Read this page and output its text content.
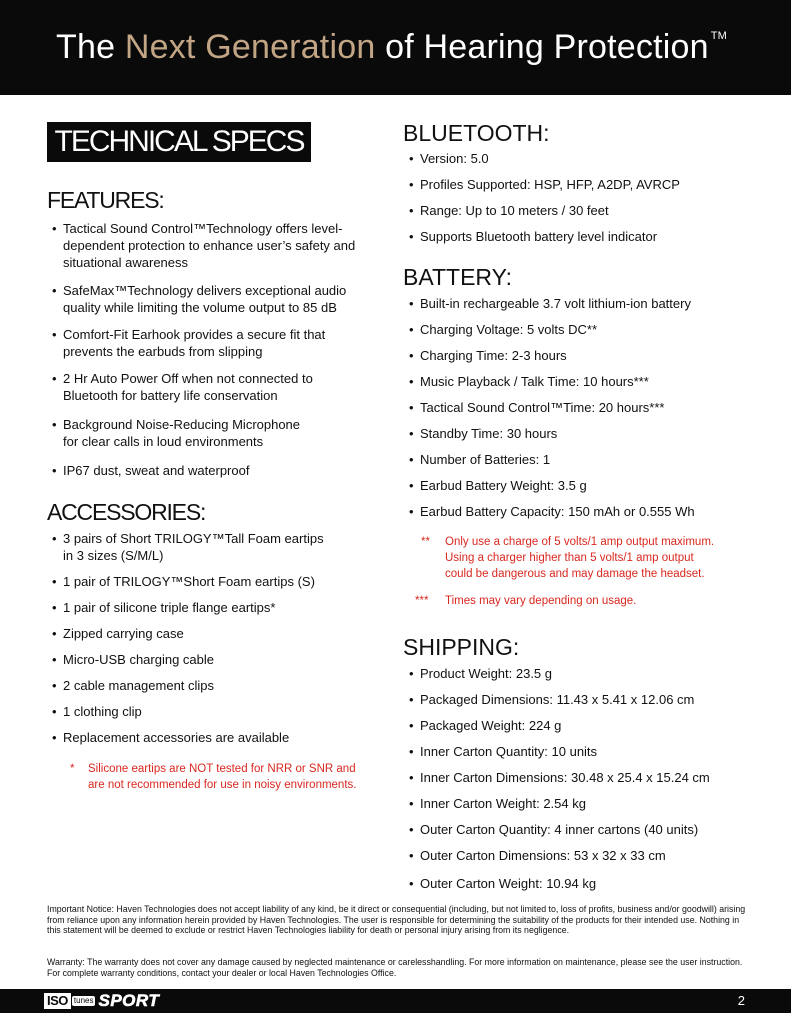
The Next Generation of Hearing Protection ™
TECHNICAL SPECS
FEATURES:
• Tactical Sound Control™Technology offers level-
dependent protection to enhance user’s safety and
situational awareness
• SafeMax™Technology delivers exceptional audio
quality while limiting the volume output to 85 dB
• Comfort-Fit Earhook provides a secure fit that
prevents the earbuds from slipping
• 2 Hr Auto Power Off when not connected to
Bluetooth for battery life conservation
• Background Noise-Reducing Microphone
for clear calls in loud environments
• IP67 dust, sweat and waterproof
ACCESSORIES:
• 3 pairs of Short TRILOGY™Tall Foam eartips
in 3 sizes (S/M/L)
• 1 pair of TRILOGY™Short Foam eartips (S)
• 1 pair of silicone triple flange eartips*
• Zipped carrying case
• Micro-USB charging cable
• 2 cable management clips
• 1 clothing clip
• Replacement accessories are available
* Silicone eartips are NOT tested for NRR or SNR and
are not recommended for use in noisy environments.
BLUETOOTH:
• Version: 5.0
• Profiles Supported: HSP, HFP, A2DP, AVRCP
• Range: Up to 10 meters / 30 feet
• Supports Bluetooth battery level indicator
BATTERY:
• Built-in rechargeable 3.7 volt lithium-ion battery
• Charging Voltage: 5 volts DC**
• Charging Time: 2-3 hours
• Music Playback / Talk Time: 10 hours***
• Tactical Sound Control™Time: 20 hours***
• Standby Time: 30 hours
• Number of Batteries: 1
• Earbud Battery Weight: 3.5 g
• Earbud Battery Capacity: 150 mAh or 0.555 Wh
** Only use a charge of 5 volts/1 amp output maximum.
Using a charger higher than 5 volts/1 amp output
could be dangerous and may damage the headset.
*** Times may vary depending on usage.
SHIPPING:
• Product Weight: 23.5 g
• Packaged Dimensions: 11.43 x 5.41 x 12.06 cm
• Packaged Weight: 224 g
• Inner Carton Quantity: 10 units
• Inner Carton Dimensions: 30.48 x 25.4 x 15.24 cm
• Inner Carton Weight: 2.54 kg
• Outer Carton Quantity: 4 inner cartons (40 units)
• Outer Carton Dimensions: 53 x 32 x 33 cm
• Outer Carton Weight: 10.94 kg
Important Notice: Haven Technologies does not accept liability of any kind, be it direct or consequential (including, but not limited to, loss of profits, business and/or goodwill) arising from reliance upon any information herein provided by Haven Technologies. The user is responsible for determining the suitability of the products for their intended use. Nothing in this statement will be deemed to exclude or restrict Haven Technologies liability for death or personal injury arising from its negligence.
Warranty: The warranty does not cover any damage caused by neglected maintenance or carelesshandling. For more information on maintenance, please see the user instruction. For complete warranty conditions, contact your dealer or local Haven Technologies Office.
ISO tunes SPORT	2
